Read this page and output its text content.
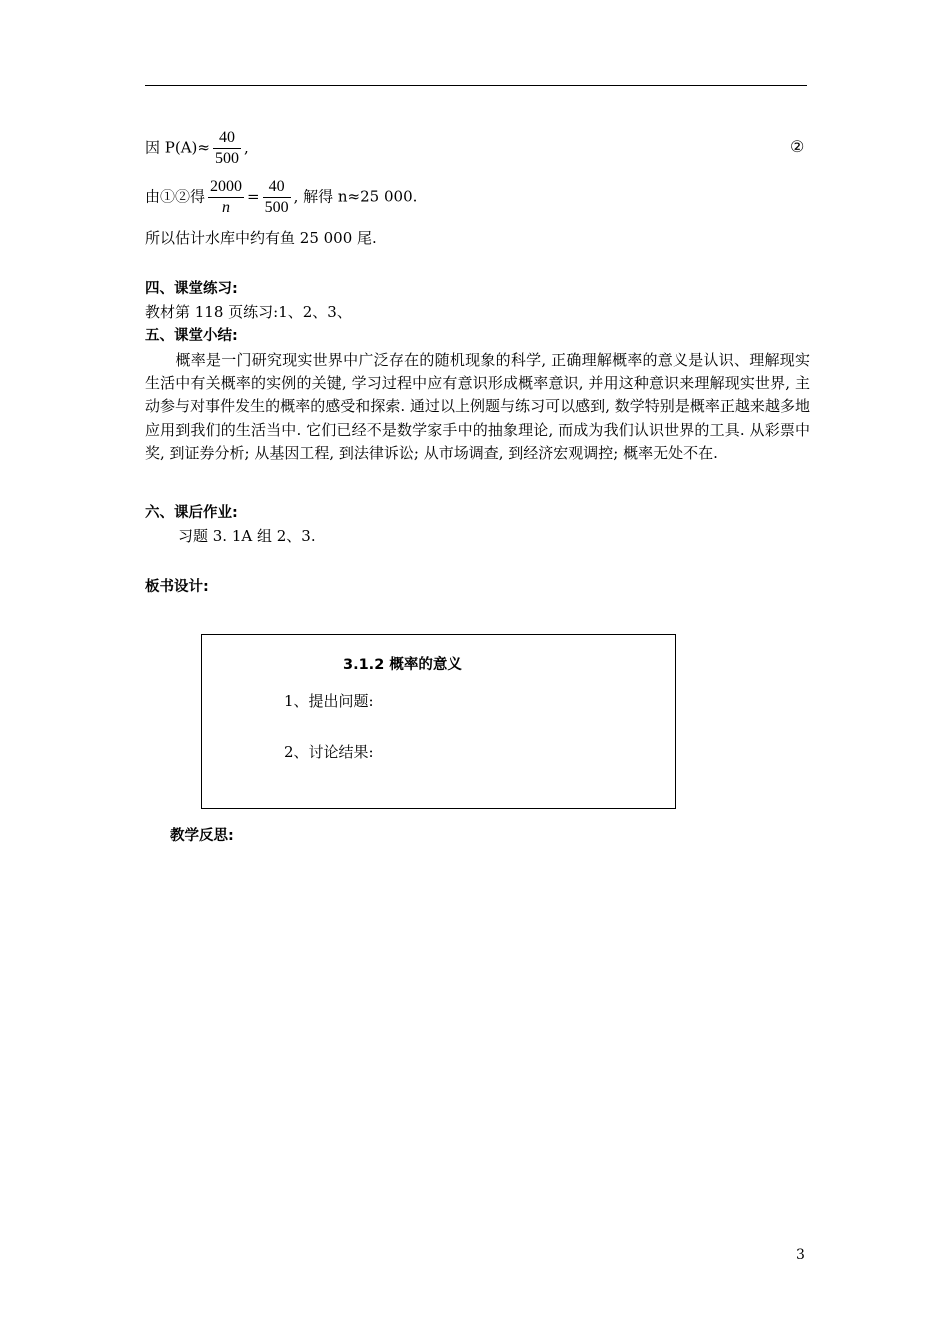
因 $P(A)\approx \frac{40}{500}$ ,	②
由①②得 $\frac{2000}{n} = \frac{40}{500}$ , 解得 n≈25 000.
所以估计水库中约有鱼 25 000 尾.
四、课堂练习:
教材第 118 页练习:1、2、3、
五、课堂小结:
　　概率是一门研究现实世界中广泛存在的随机现象的科学, 正确理解概率的意义是认识、理解现实生活中有关概率的实例的关键, 学习过程中应有意识形成概率意识, 并用这种意识来理解现实世界, 主动参与对事件发生的概率的感受和探索. 通过以上例题与练习可以感到, 数学特别是概率正越来越多地应用到我们的生活当中. 它们已经不是数学家手中的抽象理论, 而成为我们认识世界的工具. 从彩票中奖, 到证券分析; 从基因工程, 到法律诉讼; 从市场调查, 到经济宏观调控; 概率无处不在.
六、课后作业:
习题 3. 1A 组 2、3.
板书设计:
3.1.2 概率的意义
1、提出问题:
2、讨论结果:
教学反思:
3
